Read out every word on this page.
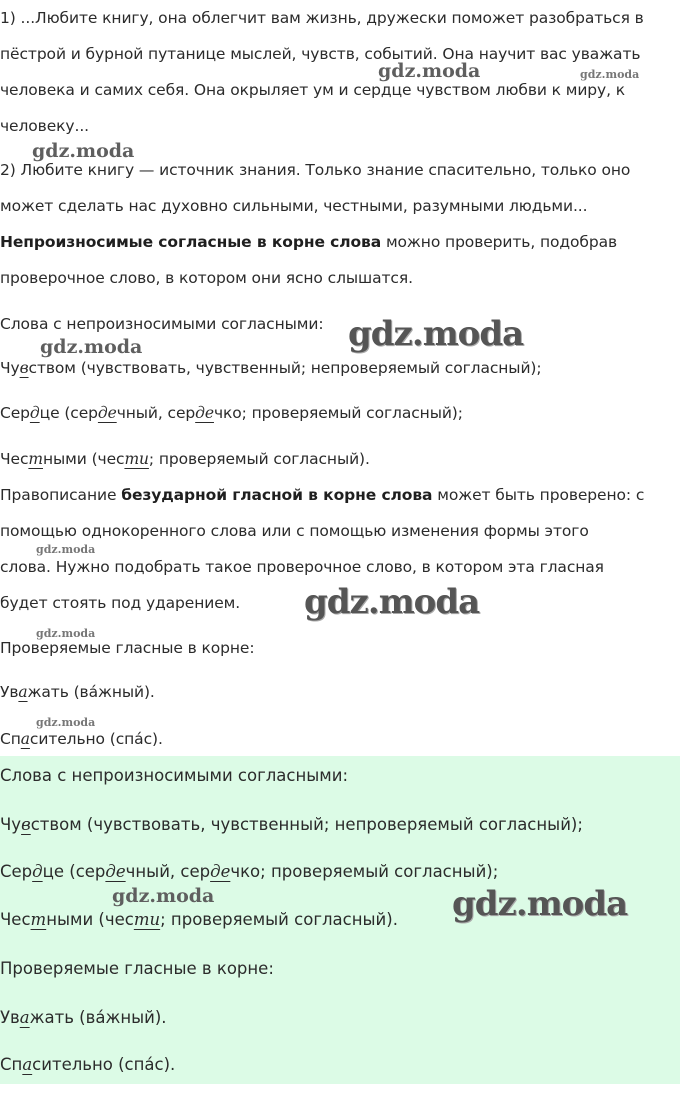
1) ...Любите книгу, она облегчит вам жизнь, дружески поможет разобраться в
пёстрой и бурной путанице мыслей, чувств, событий. Она научит вас уважать
человека и самих себя. Она окрыляет ум и сердце чувством любви к миру, к
человеку...
2) Любите книгу — источник знания. Только знание спасительно, только оно
может сделать нас духовно сильными, честными, разумными людьми...
Непроизносимые согласные в корне слова можно проверить, подобрав
проверочное слово, в котором они ясно слышатся.
Слова с непроизносимыми согласными:
Чувством (чувствовать, чувственный; непроверяемый согласный);
Сердце (сердечный, сердечко; проверяемый согласный);
Честными (чести; проверяемый согласный).
Правописание безударной гласной в корне слова может быть проверено: с
помощью однокоренного слова или с помощью изменения формы этого
слова. Нужно подобрать такое проверочное слово, в котором эта гласная
будет стоять под ударением.
Проверяемые гласные в корне:
Уважать (ва́жный).
Спасительно (спа́с).
Слова с непроизносимыми согласными:
Чувством (чувствовать, чувственный; непроверяемый согласный);
Сердце (сердечный, сердечко; проверяемый согласный);
Честными (чести; проверяемый согласный).
Проверяемые гласные в корне:
Уважать (ва́жный).
Спасительно (спа́с).
gdz.moda	gdz.moda
gdz.moda
gdz.moda
gdz.moda
gdz.moda
gdz.moda
gdz.moda
gdz.moda
gdz.moda	gdz.moda
